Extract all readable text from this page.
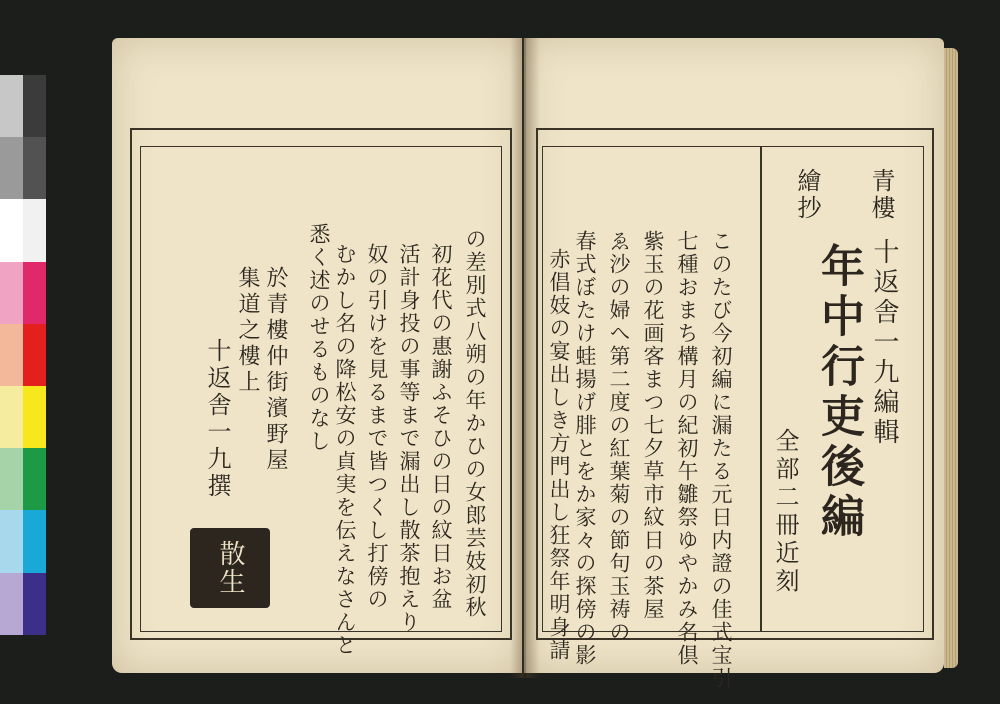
の差別式八朔の年かひの女郎芸妓初秋
初花代の惠謝ふそひの日の紋日お盆
活計身投の事等まで漏出し散茶抱えり
奴の引けを見るまで皆つくし打傍の
むかし名の降松安の貞実を伝えなさんと
悉く述のせるものなし
於青樓仲街濱野屋
集道之樓上
十返舎一九撰
散生
青樓
繪抄
年中行吏後編 十返舎一九編輯
全部二冊近刻
このたび今初編に漏たる元日内證の佳式宝引
七種おまち構月の紀初午雛祭ゆやかみ名倶
紫玉の花画客まつ七夕草市紋日の茶屋
ゑ沙の婦へ第二度の紅葉菊の節句玉祷の
春式ぼたけ蛙揚げ腓とをか家々の探傍の影
赤倡妓の宴出しき方門出し狂祭年明身請
